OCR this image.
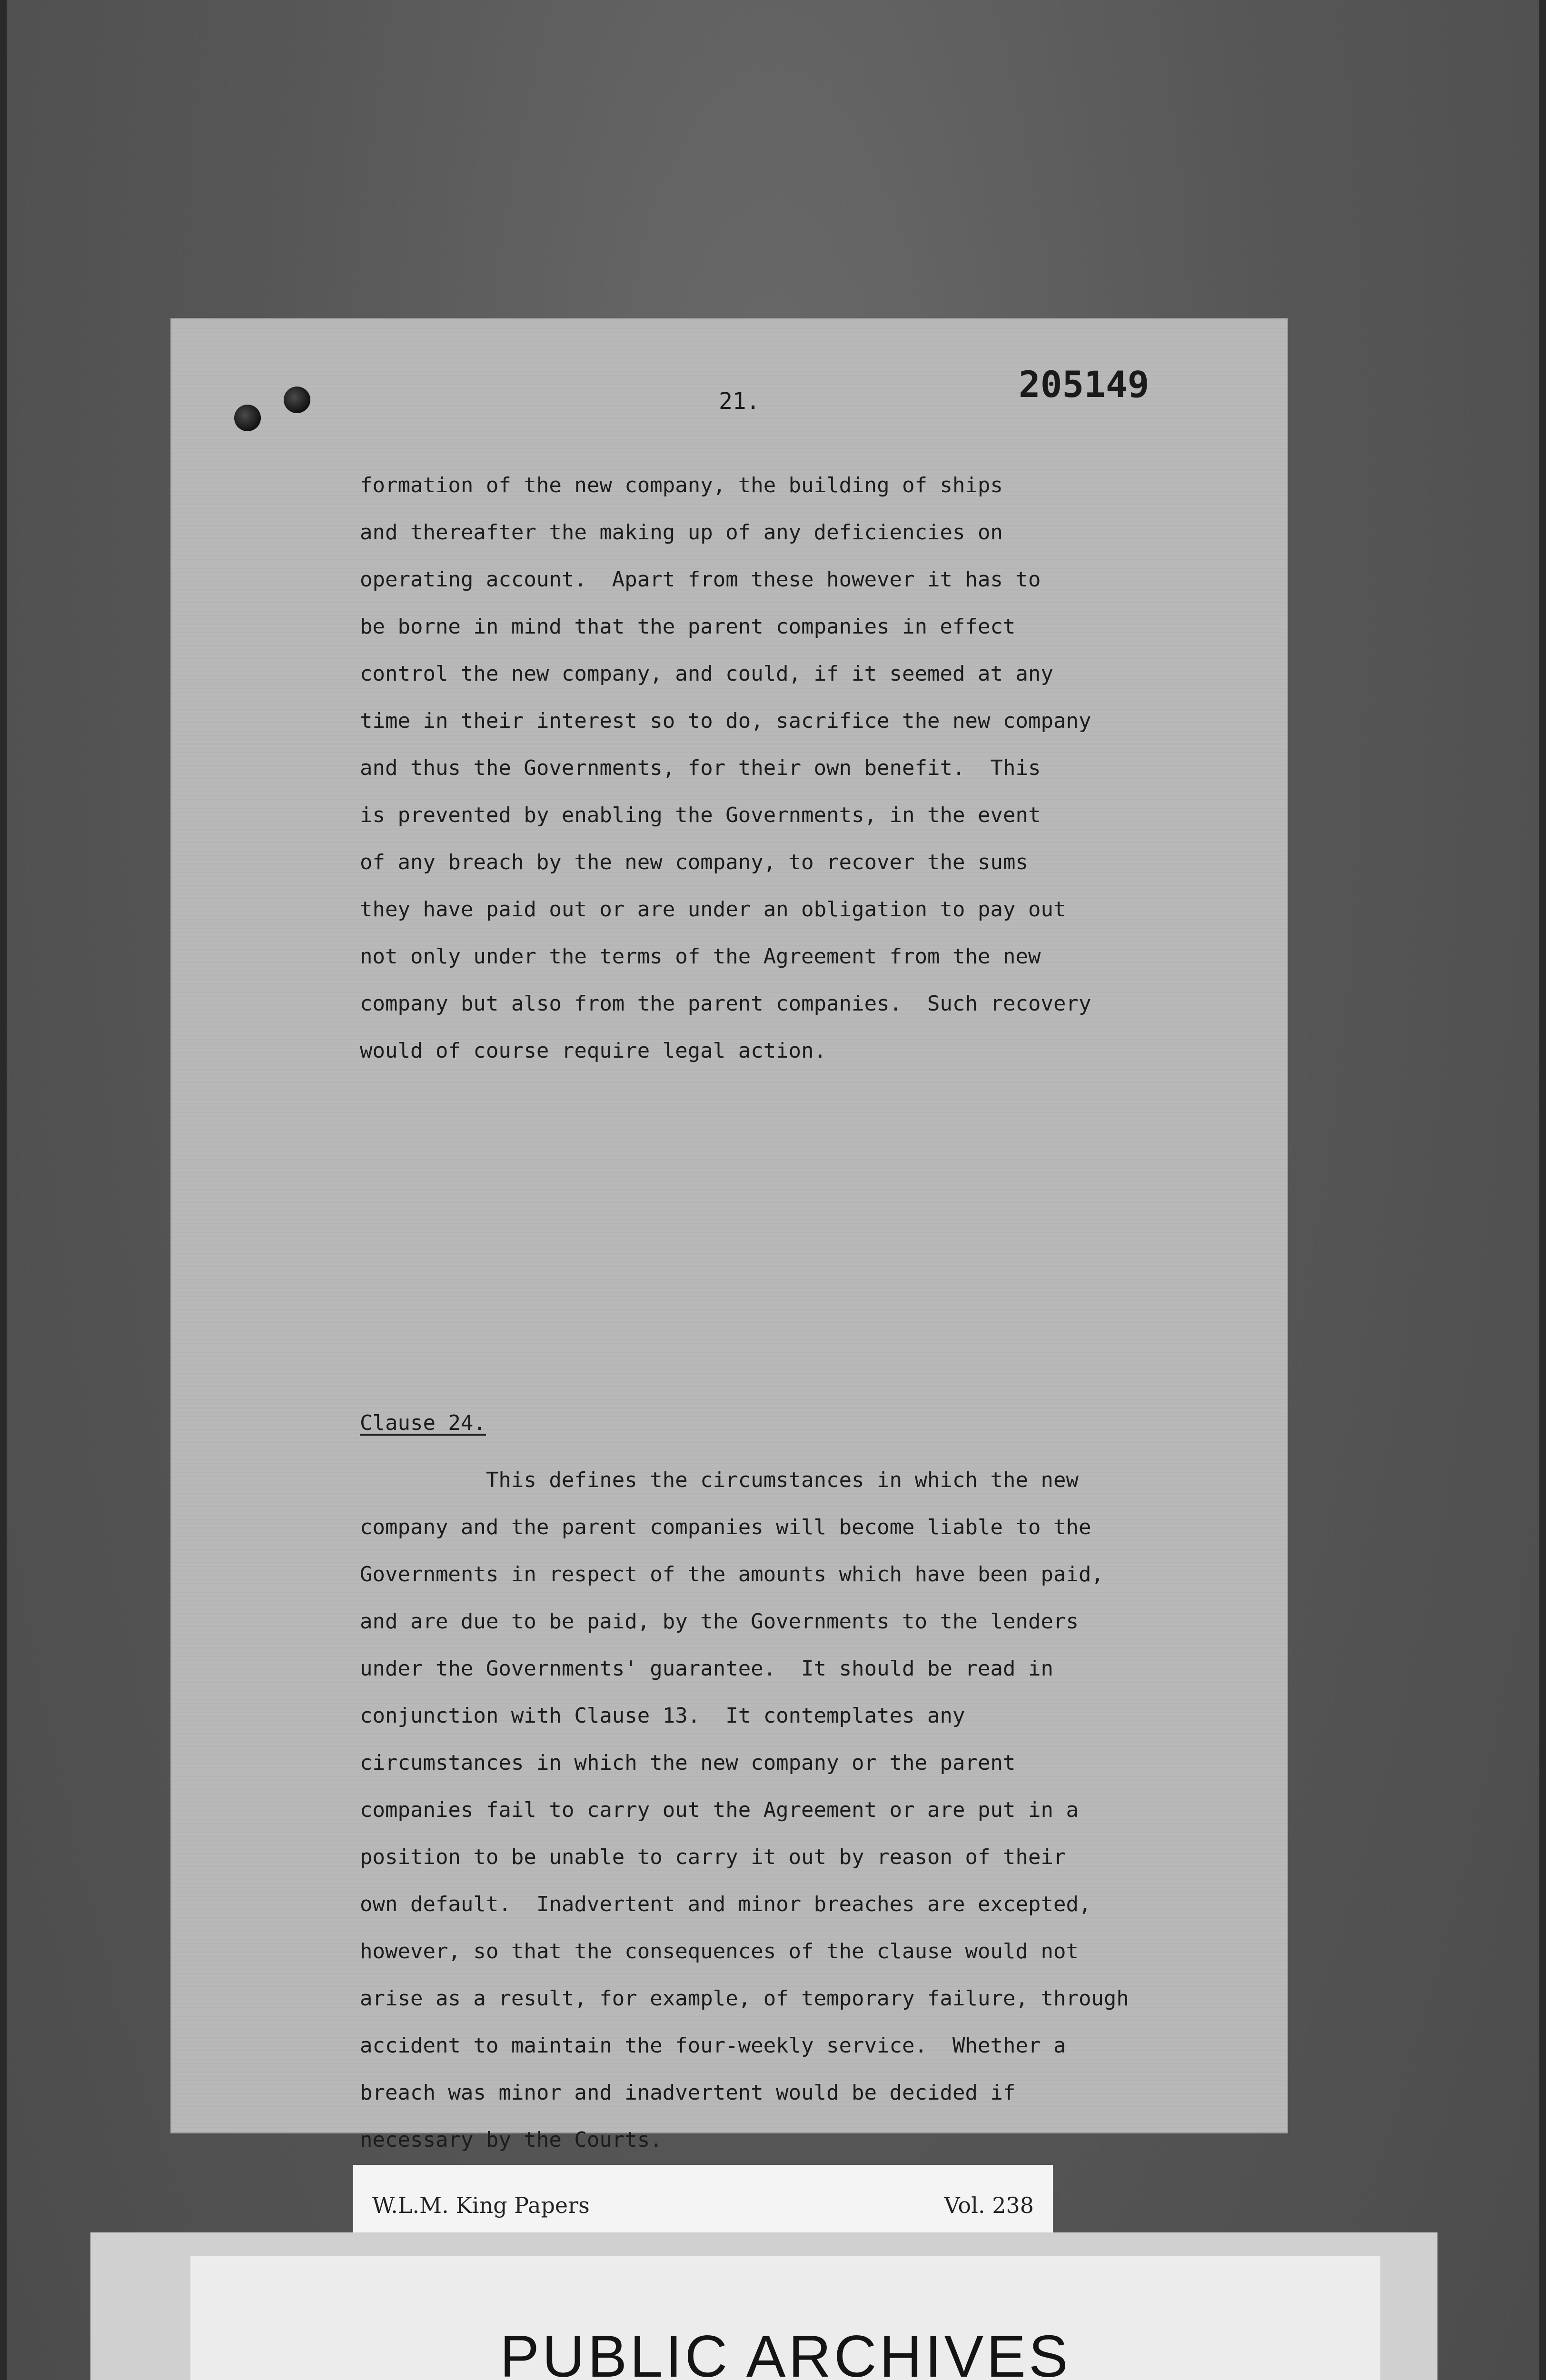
21.	205149
formation of the new company, the building of ships
and thereafter the making up of any deficiencies on
operating account.  Apart from these however it has to
be borne in mind that the parent companies in effect
control the new company, and could, if it seemed at any
time in their interest so to do, sacrifice the new company
and thus the Governments, for their own benefit.  This
is prevented by enabling the Governments, in the event
of any breach by the new company, to recover the sums
they have paid out or are under an obligation to pay out
not only under the terms of the Agreement from the new
company but also from the parent companies.  Such recovery
would of course require legal action.
Clause 24.
This defines the circumstances in which the new
company and the parent companies will become liable to the
Governments in respect of the amounts which have been paid,
and are due to be paid, by the Governments to the lenders
under the Governments' guarantee.  It should be read in
conjunction with Clause 13.  It contemplates any
circumstances in which the new company or the parent
companies fail to carry out the Agreement or are put in a
position to be unable to carry it out by reason of their
own default.  Inadvertent and minor breaches are excepted,
however, so that the consequences of the clause would not
arise as a result, for example, of temporary failure, through
accident to maintain the four-weekly service.  Whether a
breach was minor and inadvertent would be decided if
necessary by the Courts.
W.L.M. King Papers	Vol. 238
PUBLIC ARCHIVES
